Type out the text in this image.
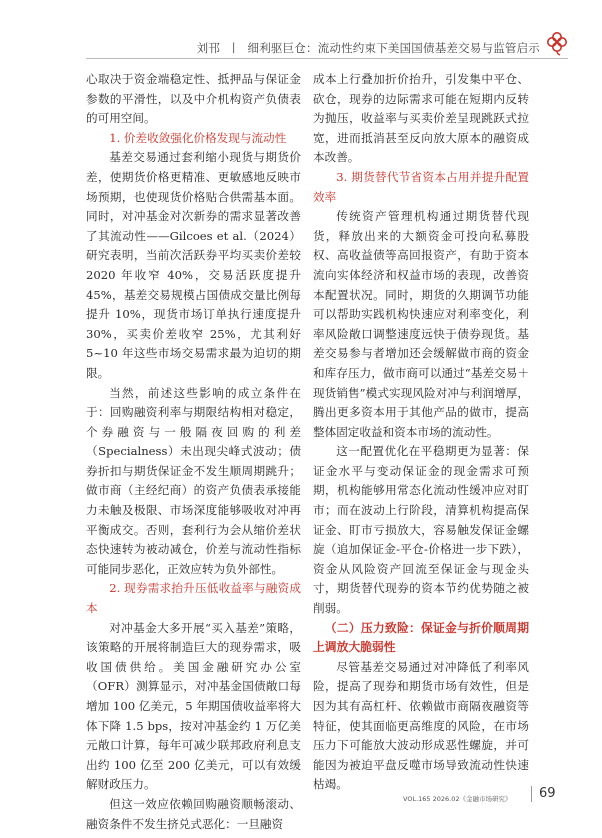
刘邗 丨 细利驱巨仓：流动性约束下美国国债基差交易与监管启示

心取决于资金端稳定性、抵押品与保证金参数的平滑性，以及中介机构资产负债表的可用空间。

1. 价差收敛强化价格发现与流动性

基差交易通过套利缩小现货与期货价差，使期货价格更精准、更敏感地反映市场预期，也使现货价格贴合供需基本面。同时，对冲基金对次新券的需求显著改善了其流动性——Gilcoes et al.（2024）研究表明，当前次活跃券平均买卖价差较 2020 年收窄 40%，交易活跃度提升 45%，基差交易规模占国债成交量比例每提升 10%，现货市场订单执行速度提升 30%，买卖价差收窄 25%，尤其利好 5~10 年这些市场交易需求最为迫切的期限。

当然，前述这些影响的成立条件在于：回购融资利率与期限结构相对稳定，个券融资与一般隔夜回购的利差（Specialness）未出现尖峰式波动；债券折扣与期货保证金不发生顺周期跳升；做市商（主经纪商）的资产负债表承接能力未触及极限、市场深度能够吸收对冲再平衡成交。否则，套利行为会从缩价差状态快速转为被动减仓，价差与流动性指标可能同步恶化，正效应转为负外部性。

2. 现券需求抬升压低收益率与融资成本

对冲基金大多开展“买入基差”策略，该策略的开展将制造巨大的现券需求，吸收国债供给。美国金融研究办公室（OFR）测算显示，对冲基金国债敞口每增加 100 亿美元，5 年期国债收益率将大体下降 1.5 bps，按对冲基金约 1 万亿美元敞口计算，每年可减少联邦政府利息支出约 100 亿至 200 亿美元，可以有效缓解财政压力。

但这一效应依赖回购融资顺畅滚动、融资条件不发生挤兑式恶化：一旦融资

成本上行叠加折价抬升，引发集中平仓、砍仓，现券的边际需求可能在短期内反转为抛压，收益率与买卖价差呈现跳跃式拉宽，进而抵消甚至反向放大原本的融资成本改善。

3. 期货替代节省资本占用并提升配置效率

传统资产管理机构通过期货替代现货，释放出来的大额资金可投向私募股权、高收益债等高回报资产，有助于资本流向实体经济和权益市场的表现，改善资本配置状况。同时，期货的久期调节功能可以帮助实践机构快速应对利率变化，利率风险敞口调整速度远快于债券现货。基差交易参与者增加还会缓解做市商的资金和库存压力，做市商可以通过“基差交易＋现货销售”模式实现风险对冲与利润增厚，腾出更多资本用于其他产品的做市，提高整体固定收益和资本市场的流动性。

这一配置优化在平稳期更为显著：保证金水平与变动保证金的现金需求可预期，机构能够用常态化流动性缓冲应对盯市；而在波动上行阶段，清算机构提高保证金、盯市亏损放大，容易触发保证金螺旋（追加保证金-平仓-价格进一步下跌），资金从风险资产回流至保证金与现金头寸，期货替代现券的资本节约优势随之被削弱。

（二）压力致险：保证金与折价顺周期上调放大脆弱性

尽管基差交易通过对冲降低了利率风险，提高了现券和期货市场有效性，但是因为其有高杠杆、依赖做市商隔夜融资等特征，使其面临更高维度的风险，在市场压力下可能放大波动形成恶性螺旋，并可能因为被迫平盘反噬市场导致流动性快速枯竭。

VOL.165 2026.02《金融市场研究》 69
